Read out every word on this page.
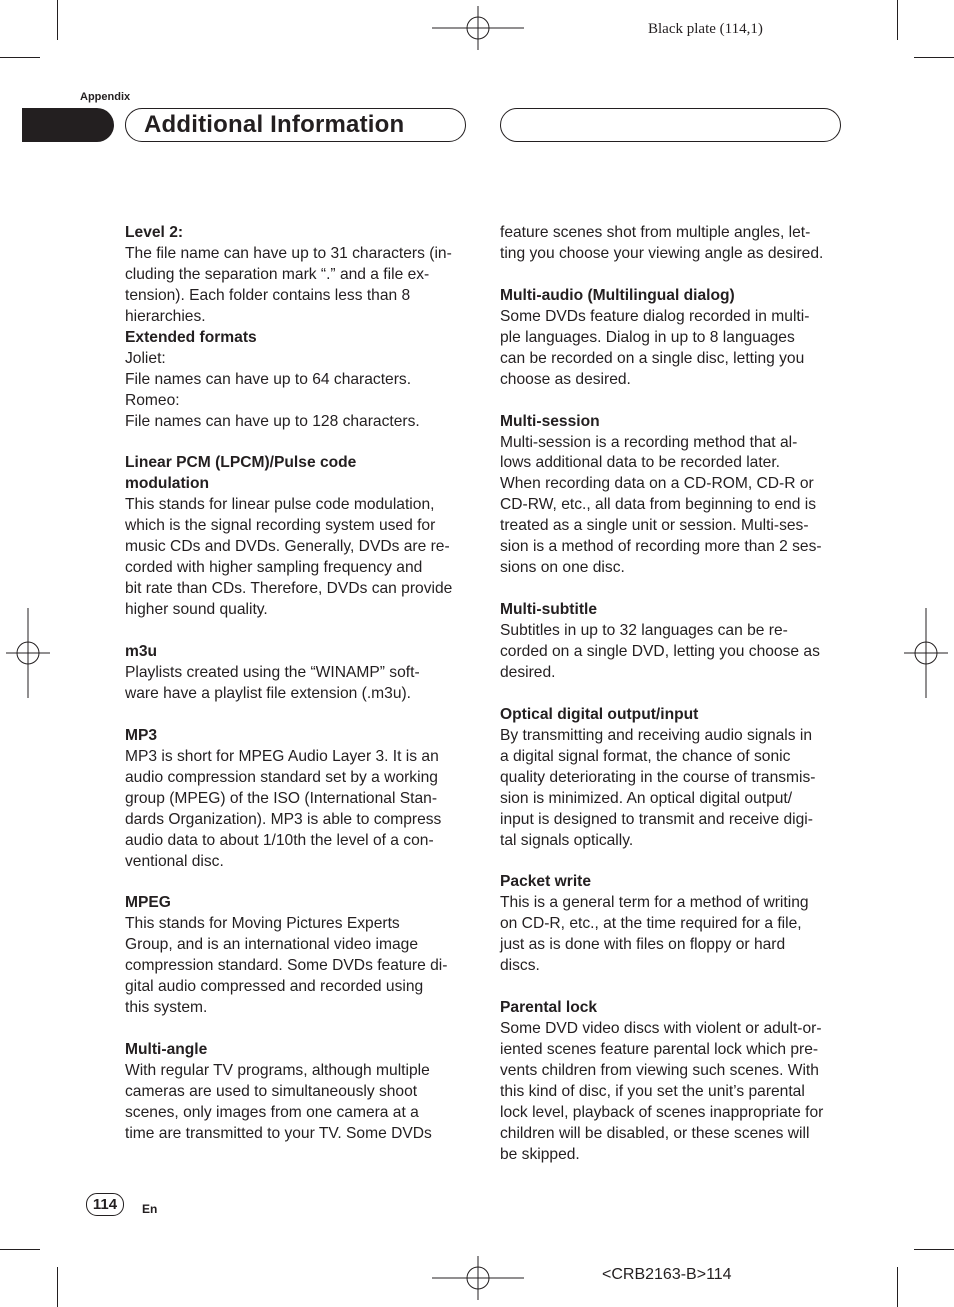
Black plate (114,1)
Appendix
Additional Information
Level 2:
The file name can have up to 31 characters (in-
cluding the separation mark “.” and a file ex-
tension). Each folder contains less than 8
hierarchies.
Extended formats
Joliet:
File names can have up to 64 characters.
Romeo:
File names can have up to 128 characters.
Linear PCM (LPCM)/Pulse code
modulation
This stands for linear pulse code modulation,
which is the signal recording system used for
music CDs and DVDs. Generally, DVDs are re-
corded with higher sampling frequency and
bit rate than CDs. Therefore, DVDs can provide
higher sound quality.
m3u
Playlists created using the “WINAMP” soft-
ware have a playlist file extension (.m3u).
MP3
MP3 is short for MPEG Audio Layer 3. It is an
audio compression standard set by a working
group (MPEG) of the ISO (International Stan-
dards Organization). MP3 is able to compress
audio data to about 1/10th the level of a con-
ventional disc.
MPEG
This stands for Moving Pictures Experts
Group, and is an international video image
compression standard. Some DVDs feature di-
gital audio compressed and recorded using
this system.
Multi-angle
With regular TV programs, although multiple
cameras are used to simultaneously shoot
scenes, only images from one camera at a
time are transmitted to your TV. Some DVDs
feature scenes shot from multiple angles, let-
ting you choose your viewing angle as desired.
Multi-audio (Multilingual dialog)
Some DVDs feature dialog recorded in multi-
ple languages. Dialog in up to 8 languages
can be recorded on a single disc, letting you
choose as desired.
Multi-session
Multi-session is a recording method that al-
lows additional data to be recorded later.
When recording data on a CD-ROM, CD-R or
CD-RW, etc., all data from beginning to end is
treated as a single unit or session. Multi-ses-
sion is a method of recording more than 2 ses-
sions on one disc.
Multi-subtitle
Subtitles in up to 32 languages can be re-
corded on a single DVD, letting you choose as
desired.
Optical digital output/input
By transmitting and receiving audio signals in
a digital signal format, the chance of sonic
quality deteriorating in the course of transmis-
sion is minimized. An optical digital output/
input is designed to transmit and receive digi-
tal signals optically.
Packet write
This is a general term for a method of writing
on CD-R, etc., at the time required for a file,
just as is done with files on floppy or hard
discs.
Parental lock
Some DVD video discs with violent or adult-or-
iented scenes feature parental lock which pre-
vents children from viewing such scenes. With
this kind of disc, if you set the unit’s parental
lock level, playback of scenes inappropriate for
children will be disabled, or these scenes will
be skipped.
114	En
<CRB2163-B>114
